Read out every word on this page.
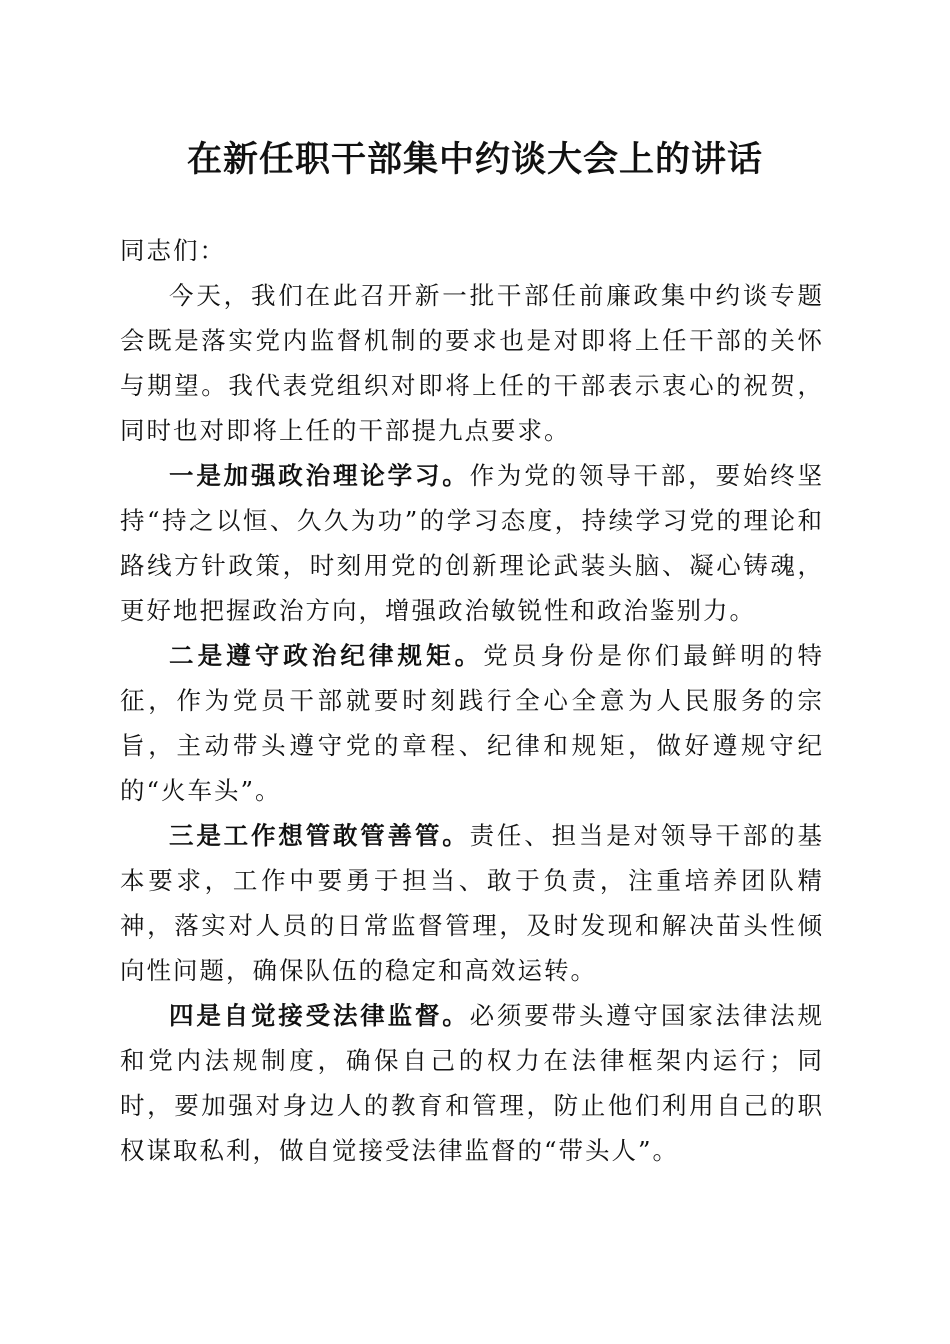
在新任职干部集中约谈大会上的讲话

同志们：

今天，我们在此召开新一批干部任前廉政集中约谈专题会既是落实党内监督机制的要求也是对即将上任干部的关怀与期望。我代表党组织对即将上任的干部表示衷心的祝贺，同时也对即将上任的干部提九点要求。

一是加强政治理论学习。作为党的领导干部，要始终坚持“持之以恒、久久为功”的学习态度，持续学习党的理论和路线方针政策，时刻用党的创新理论武装头脑、凝心铸魂，更好地把握政治方向，增强政治敏锐性和政治鉴别力。

二是遵守政治纪律规矩。党员身份是你们最鲜明的特征，作为党员干部就要时刻践行全心全意为人民服务的宗旨，主动带头遵守党的章程、纪律和规矩，做好遵规守纪的“火车头”。

三是工作想管敢管善管。责任、担当是对领导干部的基本要求，工作中要勇于担当、敢于负责，注重培养团队精神，落实对人员的日常监督管理，及时发现和解决苗头性倾向性问题，确保队伍的稳定和高效运转。

四是自觉接受法律监督。必须要带头遵守国家法律法规和党内法规制度，确保自己的权力在法律框架内运行；同时，要加强对身边人的教育和管理，防止他们利用自己的职权谋取私利，做自觉接受法律监督的“带头人”。
